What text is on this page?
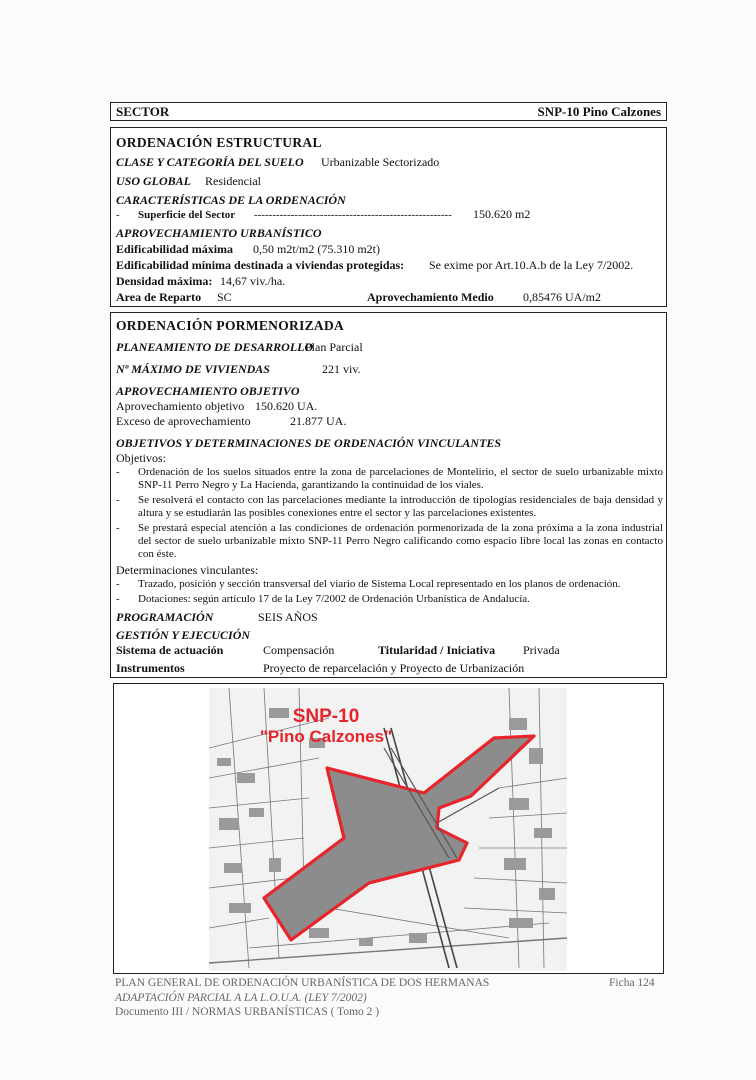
SECTOR	SNP-10 Pino Calzones
ORDENACIÓN ESTRUCTURAL
CLASE Y CATEGORÍA DEL SUELO Urbanizable Sectorizado
USO GLOBAL Residencial
CARACTERÍSTICAS DE LA ORDENACIÓN
- Superficie del Sector ------------------------------------------------------	150.620 m2
APROVECHAMIENTO URBANÍSTICO
Edificabilidad máxima 0,50 m2t/m2 (75.310 m2t)
Edificabilidad mínima destinada a viviendas protegidas: Se exime por Art.10.A.b de la Ley 7/2002.
Densidad máxima: 14,67 viv./ha.
Area de Reparto SC	Aprovechamiento Medio 0,85476 UA/m2
ORDENACIÓN PORMENORIZADA
PLANEAMIENTO DE DESARROLLO
Plan Parcial
Nº MÁXIMO DE VIVIENDAS	221 viv.
APROVECHAMIENTO OBJETIVO
Aprovechamiento objetivo 150.620 UA.
Exceso de aprovechamiento	21.877 UA.
OBJETIVOS Y DETERMINACIONES DE ORDENACIÓN VINCULANTES
Objetivos:
- Ordenación de los suelos situados entre la zona de parcelaciones de Montelirio, el sector de suelo urbanizable mixto SNP-11 Perro Negro y La Hacienda, garantizando la continuidad de los viales.
- Se resolverá el contacto con las parcelaciones mediante la introducción de tipologías residenciales de baja densidad y altura y se estudiarán las posibles conexiones entre el sector y las parcelaciones existentes.
- Se prestará especial atención a las condiciones de ordenación pormenorizada de la zona próxima a la zona industrial del sector de suelo urbanizable mixto SNP-11 Perro Negro calificando como espacio libre local las zonas en contacto con éste.
Determinaciones vinculantes:
- Trazado, posición y sección transversal del viario de Sistema Local representado en los planos de ordenación.
- Dotaciones: según artículo 17 de la Ley 7/2002 de Ordenación Urbanística de Andalucía.
PROGRAMACIÓN	SEIS AÑOS
GESTIÓN Y EJECUCIÓN
Sistema de actuación	Compensación	Titularidad / Iniciativa Privada
Instrumentos	Proyecto de reparcelación y Proyecto de Urbanización
SNP-10
"Pino Calzones"
PLAN GENERAL DE ORDENACIÓN URBANÍSTICA DE DOS HERMANAS
ADAPTACIÓN PARCIAL A LA L.O.U.A. (LEY 7/2002)
Documento III / NORMAS URBANÍSTICAS ( Tomo 2 )
Ficha 124
